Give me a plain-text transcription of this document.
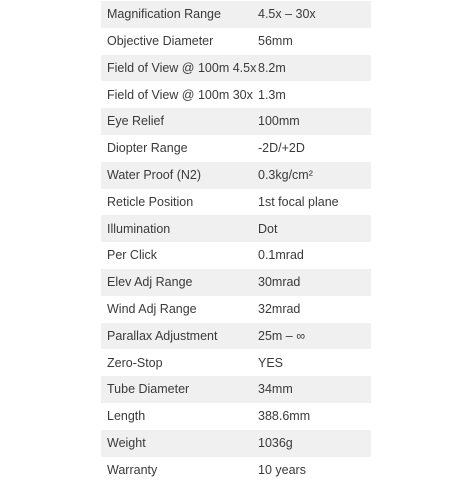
Magnification Range	4.5x – 30x
Objective Diameter	56mm
Field of View @ 100m 4.5x	8.2m
Field of View @ 100m 30x	1.3m
Eye Relief	100mm
Diopter Range	-2D/+2D
Water Proof (N2)	0.3kg/cm²
Reticle Position	1st focal plane
Illumination	Dot
Per Click	0.1mrad
Elev Adj Range	30mrad
Wind Adj Range	32mrad
Parallax Adjustment	25m – ∞
Zero-Stop	YES
Tube Diameter	34mm
Length	388.6mm
Weight	1036g
Warranty	10 years
